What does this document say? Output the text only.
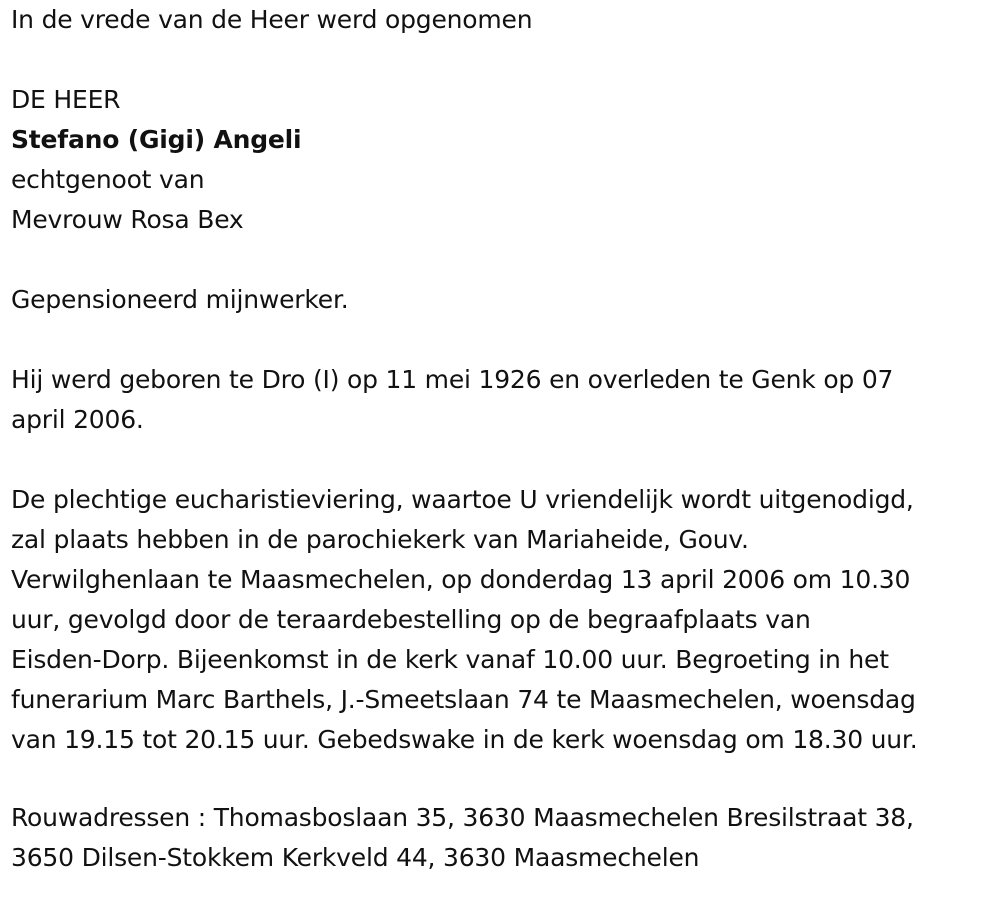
In de vrede van de Heer werd opgenomen

DE HEER

Stefano (Gigi) Angeli

echtgenoot van

Mevrouw Rosa Bex

Gepensioneerd mijnwerker.

Hij werd geboren te Dro (I) op 11 mei 1926 en overleden te Genk op 07
april 2006.
De plechtige eucharistieviering, waartoe U vriendelijk wordt uitgenodigd,
zal plaats hebben in de parochiekerk van Mariaheide, Gouv.
Verwilghenlaan te Maasmechelen, op donderdag 13 april 2006 om 10.30
uur, gevolgd door de teraardebestelling op de begraafplaats van
Eisden-Dorp. Bijeenkomst in de kerk vanaf 10.00 uur. Begroeting in het
funerarium Marc Barthels, J.-Smeetslaan 74 te Maasmechelen, woensdag
van 19.15 tot 20.15 uur. Gebedswake in de kerk woensdag om 18.30 uur.
Rouwadressen : Thomasboslaan 35, 3630 Maasmechelen Bresilstraat 38,
3650 Dilsen-Stokkem Kerkveld 44, 3630 Maasmechelen
